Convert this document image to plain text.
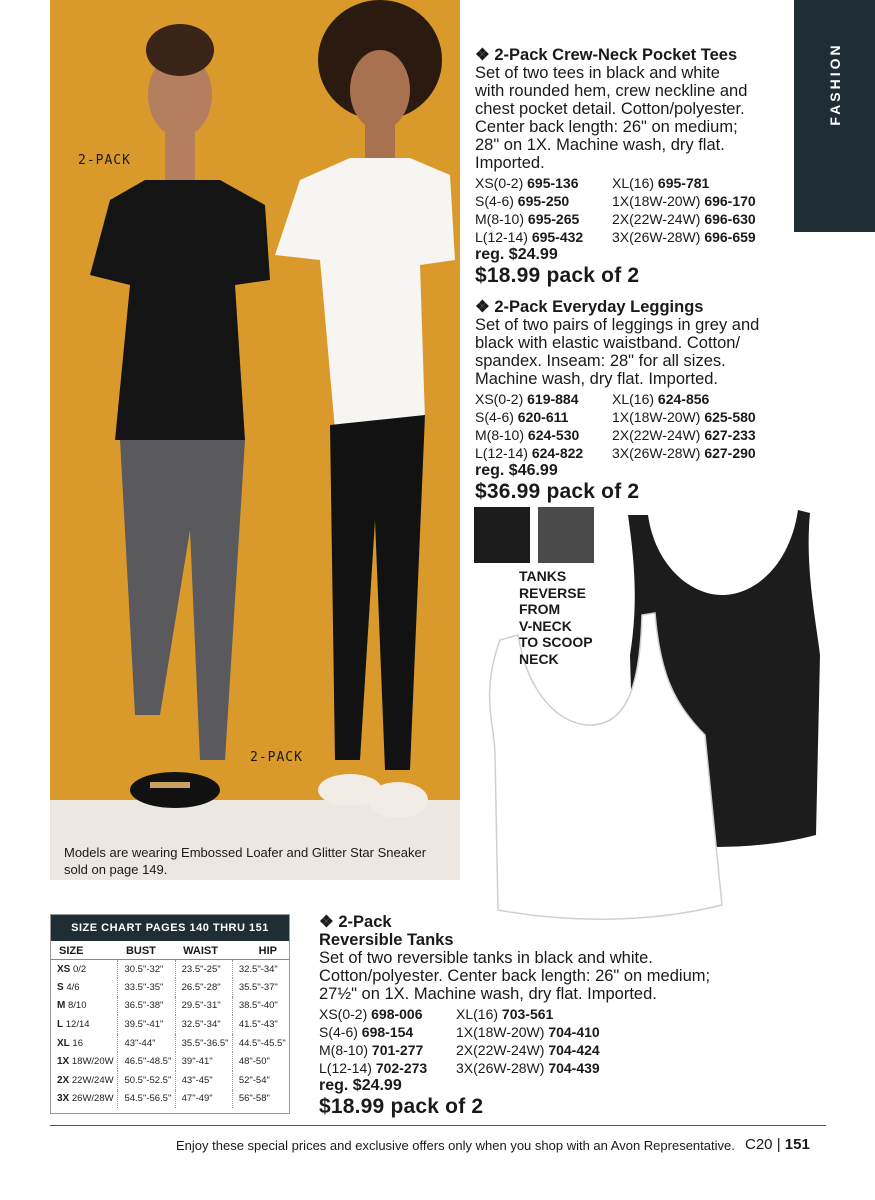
2-PACK
2-PACK
Models are wearing Embossed Loafer and Glitter Star Sneaker sold on page 149.
FASHION
❖ 2-Pack Crew-Neck Pocket Tees
Set of two tees in black and white
with rounded hem, crew neckline and
chest pocket detail. Cotton/polyester.
Center back length: 26" on medium;
28" on 1X. Machine wash, dry flat.
Imported.
XS(0-2) 695-136	XL(16) 695-781
S(4-6) 695-250	1X(18W-20W) 696-170
M(8-10) 695-265	2X(22W-24W) 696-630
L(12-14) 695-432	3X(26W-28W) 696-659
reg. $24.99
$18.99 pack of 2
❖ 2-Pack Everyday Leggings
Set of two pairs of leggings in grey and
black with elastic waistband. Cotton/
spandex. Inseam: 28" for all sizes.
Machine wash, dry flat. Imported.
XS(0-2) 619-884	XL(16) 624-856
S(4-6) 620-611	1X(18W-20W) 625-580
M(8-10) 624-530	2X(22W-24W) 627-233
L(12-14) 624-822	3X(26W-28W) 627-290
reg. $46.99
$36.99 pack of 2
2-PACK
TANKS
REVERSE
FROM
V-NECK
TO SCOOP
NECK
❖ 2-Pack
Reversible Tanks
Set of two reversible tanks in black and white.
Cotton/polyester. Center back length: 26" on medium;
27½" on 1X. Machine wash, dry flat. Imported.
XS(0-2) 698-006	XL(16) 703-561
S(4-6) 698-154	1X(18W-20W) 704-410
M(8-10) 701-277	2X(22W-24W) 704-424
L(12-14) 702-273	3X(26W-28W) 704-439
reg. $24.99
$18.99 pack of 2
SIZE CHART PAGES 140 THRU 151
SIZE	BUST	WAIST	HIP
XS 0/2	30.5"-32"	23.5"-25"	32.5"-34"
S 4/6	33.5"-35"	26.5"-28"	35.5"-37"
M 8/10	36.5"-38"	29.5"-31"	38.5"-40"
L 12/14	39.5"-41"	32.5"-34"	41.5"-43"
XL 16	43"-44"	35.5"-36.5"	44.5"-45.5"
1X 18W/20W	46.5"-48.5"	39"-41"	48"-50"
2X 22W/24W	50.5"-52.5"	43"-45"	52"-54"
3X 26W/28W	54.5"-56.5"	47"-49"	56"-58"
Enjoy these special prices and exclusive offers only when you shop with an Avon Representative. C20 | 151
